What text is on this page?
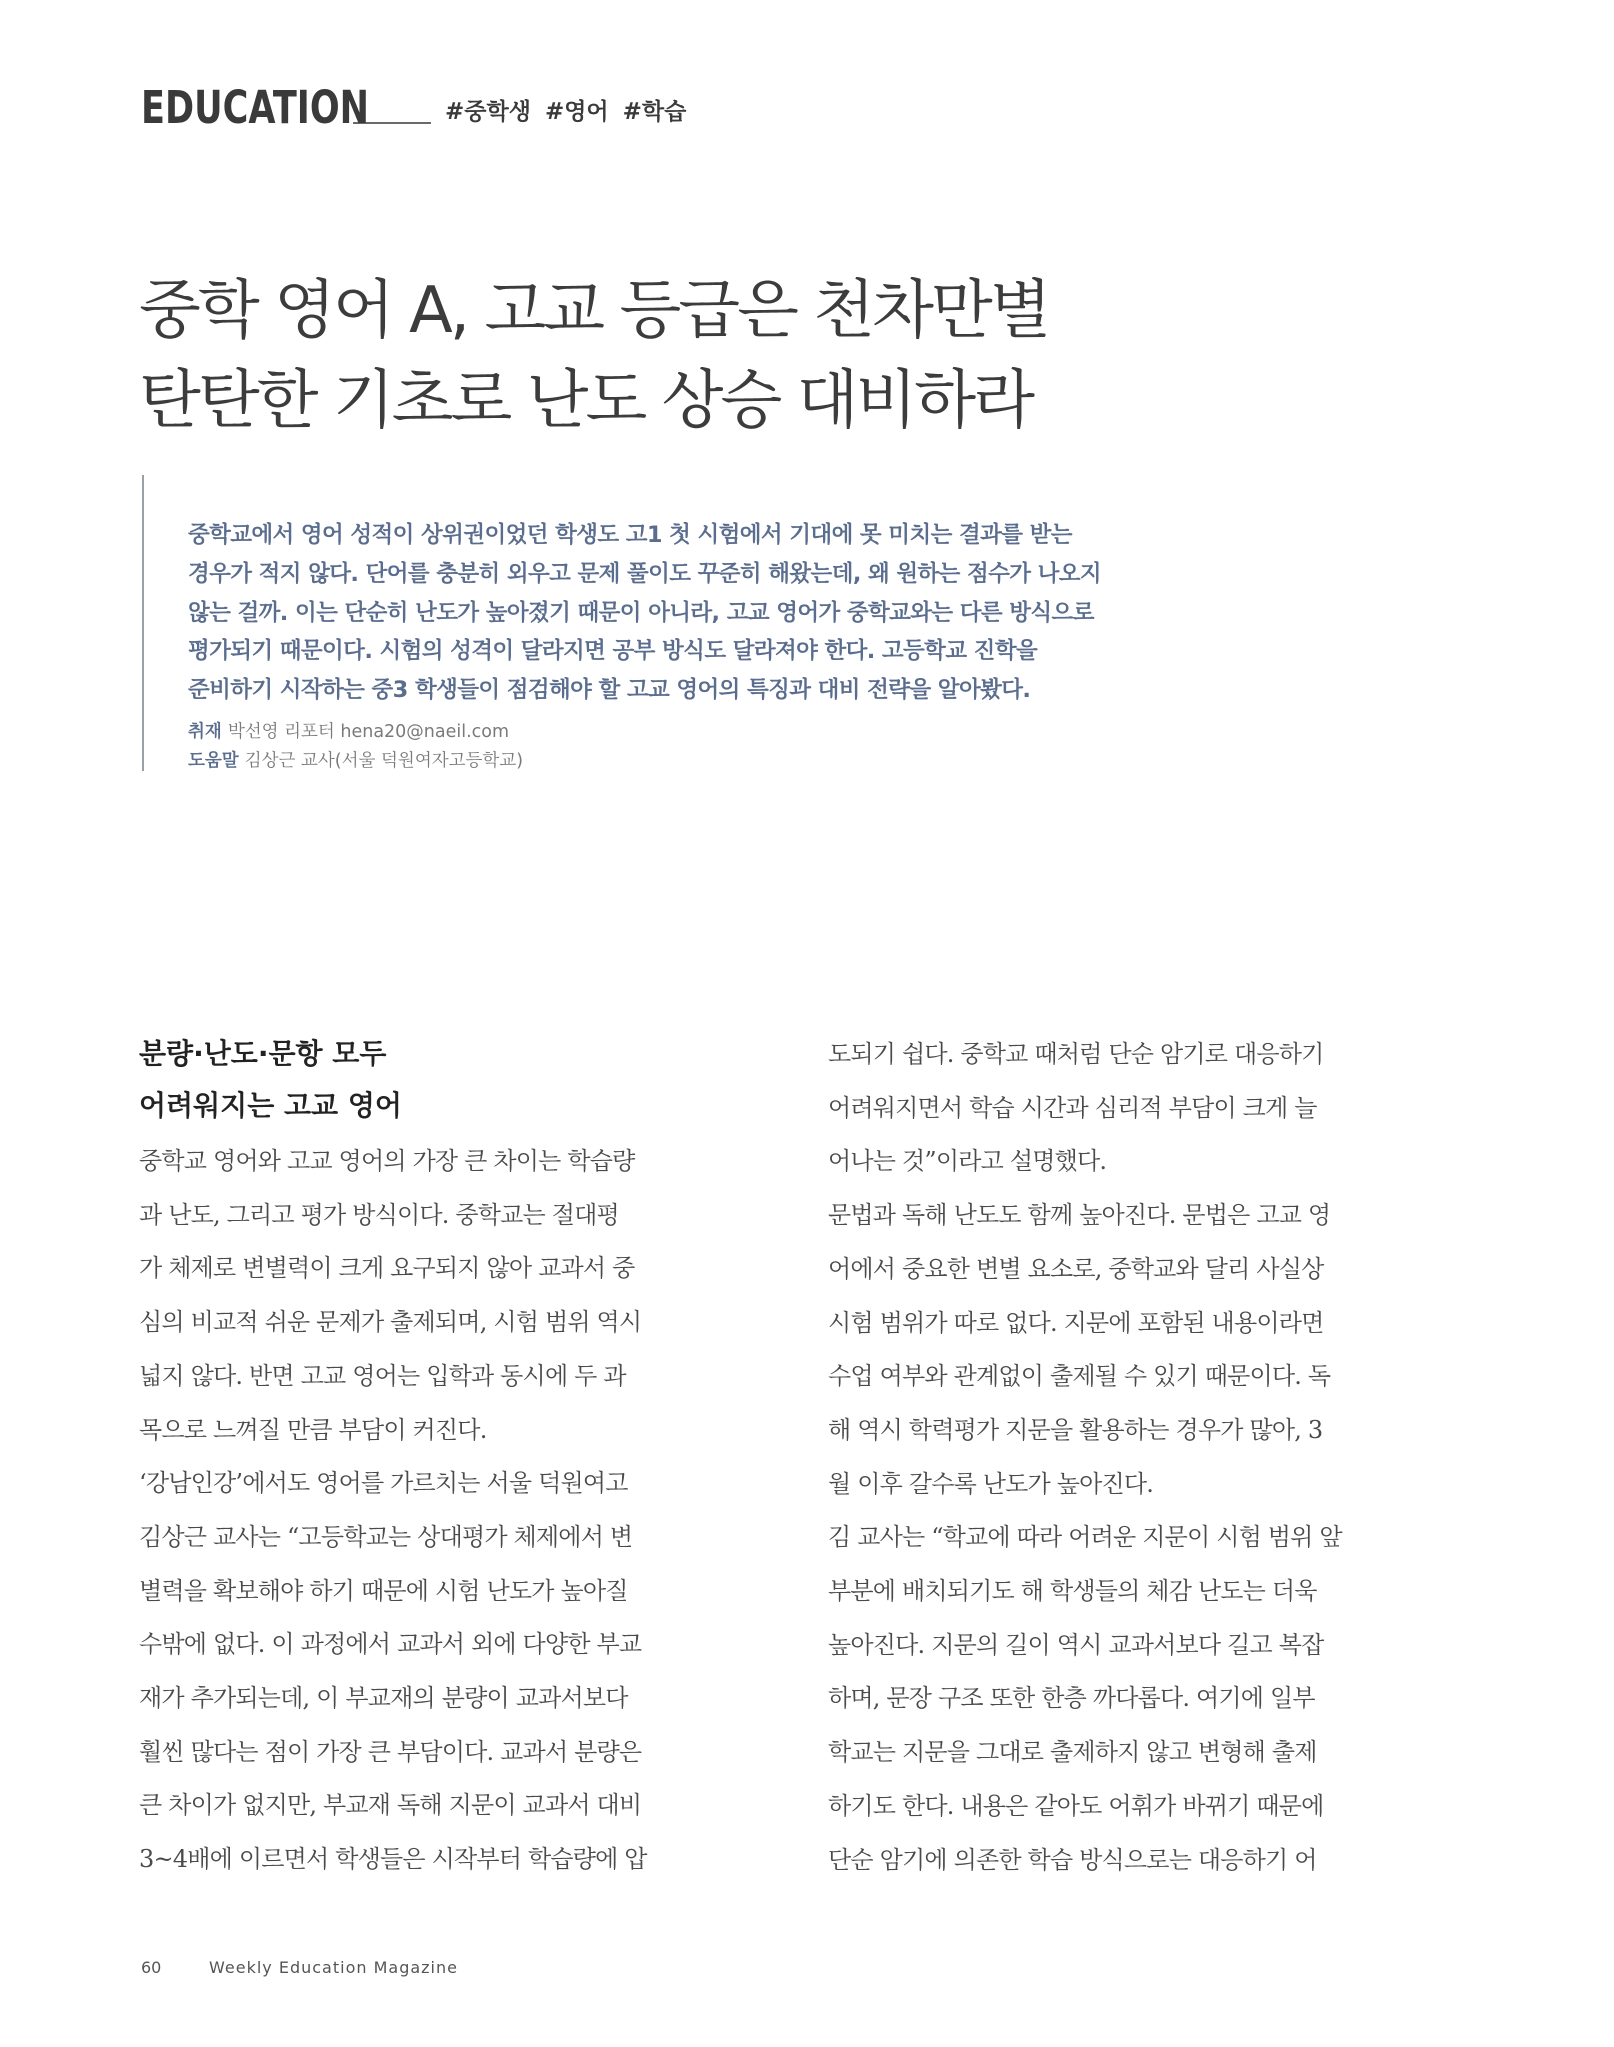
EDUCATION	#중학생 #영어 #학습
중학 영어 A, 고교 등급은 천차만별
탄탄한 기초로 난도 상승 대비하라
중학교에서 영어 성적이 상위권이었던 학생도 고1 첫 시험에서 기대에 못 미치는 결과를 받는
경우가 적지 않다. 단어를 충분히 외우고 문제 풀이도 꾸준히 해왔는데, 왜 원하는 점수가 나오지
않는 걸까. 이는 단순히 난도가 높아졌기 때문이 아니라, 고교 영어가 중학교와는 다른 방식으로
평가되기 때문이다. 시험의 성격이 달라지면 공부 방식도 달라져야 한다. 고등학교 진학을
준비하기 시작하는 중3 학생들이 점검해야 할 고교 영어의 특징과 대비 전략을 알아봤다.
취재 박선영 리포터 hena20@naeil.com
도움말 김상근 교사(서울 덕원여자고등학교)
분량·난도·문항 모두
어려워지는 고교 영어
중학교 영어와 고교 영어의 가장 큰 차이는 학습량
과 난도, 그리고 평가 방식이다. 중학교는 절대평
가 체제로 변별력이 크게 요구되지 않아 교과서 중
심의 비교적 쉬운 문제가 출제되며, 시험 범위 역시
넓지 않다. 반면 고교 영어는 입학과 동시에 두 과
목으로 느껴질 만큼 부담이 커진다.
‘강남인강’에서도 영어를 가르치는 서울 덕원여고
김상근 교사는 “고등학교는 상대평가 체제에서 변
별력을 확보해야 하기 때문에 시험 난도가 높아질
수밖에 없다. 이 과정에서 교과서 외에 다양한 부교
재가 추가되는데, 이 부교재의 분량이 교과서보다
훨씬 많다는 점이 가장 큰 부담이다. 교과서 분량은
큰 차이가 없지만, 부교재 독해 지문이 교과서 대비
3~4배에 이르면서 학생들은 시작부터 학습량에 압
도되기 쉽다. 중학교 때처럼 단순 암기로 대응하기
어려워지면서 학습 시간과 심리적 부담이 크게 늘
어나는 것”이라고 설명했다.
문법과 독해 난도도 함께 높아진다. 문법은 고교 영
어에서 중요한 변별 요소로, 중학교와 달리 사실상
시험 범위가 따로 없다. 지문에 포함된 내용이라면
수업 여부와 관계없이 출제될 수 있기 때문이다. 독
해 역시 학력평가 지문을 활용하는 경우가 많아, 3
월 이후 갈수록 난도가 높아진다.
김 교사는 “학교에 따라 어려운 지문이 시험 범위 앞
부분에 배치되기도 해 학생들의 체감 난도는 더욱
높아진다. 지문의 길이 역시 교과서보다 길고 복잡
하며, 문장 구조 또한 한층 까다롭다. 여기에 일부
학교는 지문을 그대로 출제하지 않고 변형해 출제
하기도 한다. 내용은 같아도 어휘가 바뀌기 때문에
단순 암기에 의존한 학습 방식으로는 대응하기 어
60	Weekly Education Magazine
